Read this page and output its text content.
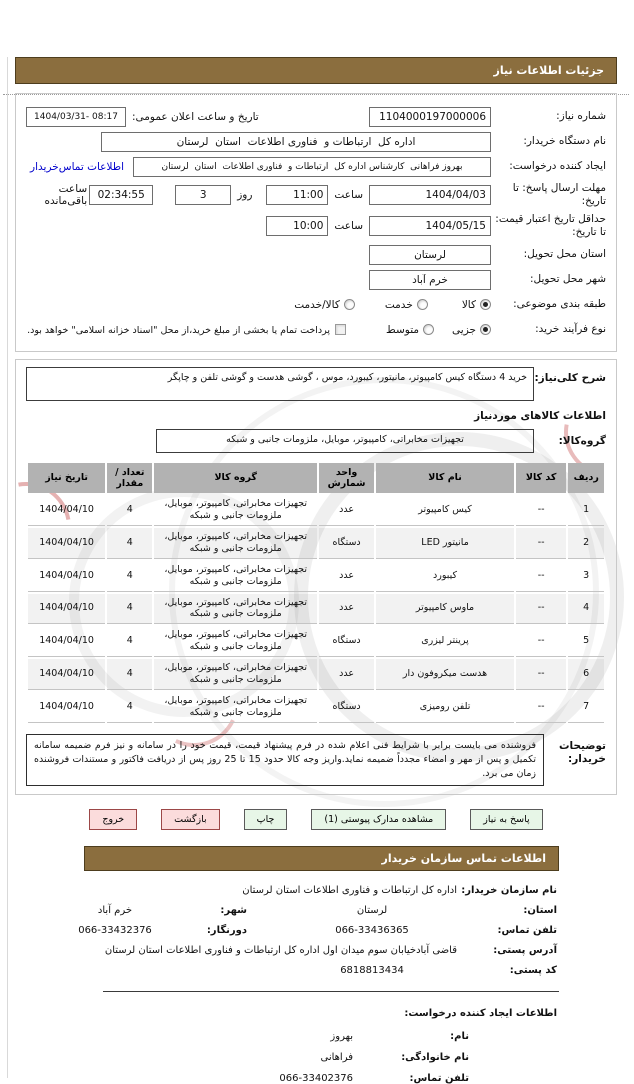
جزئیات اطلاعات نیاز
شماره نیاز:
1104000197000006
تاریخ و ساعت اعلان عمومی:
1404/03/31- 08:17
نام دستگاه خریدار:
اداره کل ارتباطات و فناوری اطلاعات استان لرستان
ایجاد کننده درخواست:
بهروز فراهانی کارشناس اداره کل ارتباطات و فناوری اطلاعات استان لرستان
اطلاعات تماس‌خریدار
مهلت ارسال پاسخ: تا تاریخ:
1404/04/03
ساعت
11:00
روز
3
02:34:55
ساعت باقی‌مانده
حداقل تاریخ اعتبار قیمت: تا تاریخ:
1404/05/15
ساعت
10:00
استان محل تحویل:
لرستان
شهر محل تحویل:
خرم آباد
طبقه بندی موضوعی:
کالا
خدمت
کالا/خدمت
نوع فرآیند خرید:
جزیی
متوسط
پرداخت تمام یا بخشی از مبلغ خرید،از محل "اسناد خزانه اسلامی" خواهد بود.
شرح کلی‌نیاز:
خرید 4 دستگاه کیس کامپیوتر، مانیتور، کیبورد، موس ، گوشی هدست و گوشی تلفن و چاپگر
اطلاعات کالاهای موردنیاز
گروه‌کالا:
تجهیزات مخابراتی، کامپیوتر، موبایل، ملزومات جانبی و شبکه
ردیف	کد کالا	نام کالا	واحد شمارش	گروه کالا	تعداد / مقدار	تاریخ نیاز
1	--	کیس کامپیوتر	عدد	تجهیزات مخابراتی، کامپیوتر، موبایل، ملزومات جانبی و شبکه	4	1404/04/10
2	--	مانیتور LED	دستگاه	تجهیزات مخابراتی، کامپیوتر، موبایل، ملزومات جانبی و شبکه	4	1404/04/10
3	--	کیبورد	عدد	تجهیزات مخابراتی، کامپیوتر، موبایل، ملزومات جانبی و شبکه	4	1404/04/10
4	--	ماوس کامپیوتر	عدد	تجهیزات مخابراتی، کامپیوتر، موبایل، ملزومات جانبی و شبکه	4	1404/04/10
5	--	پرینتر لیزری	دستگاه	تجهیزات مخابراتی، کامپیوتر، موبایل، ملزومات جانبی و شبکه	4	1404/04/10
6	--	هدست میکروفون دار	عدد	تجهیزات مخابراتی، کامپیوتر، موبایل، ملزومات جانبی و شبکه	4	1404/04/10
7	--	تلفن رومیزی	دستگاه	تجهیزات مخابراتی، کامپیوتر، موبایل، ملزومات جانبی و شبکه	4	1404/04/10
توضیحات خریدار:
فروشنده می بایست برابر با شرایط فنی اعلام شده در فرم پیشنهاد قیمت، قیمت خود را در سامانه و نیز فرم ضمیمه سامانه تکمیل و پس از مهر و امضاء مجدداً ضمیمه نماید.واریز وجه کالا حدود 15 تا 25 روز پس از دریافت فاکتور و مستندات فروشنده زمان می برد.
پاسخ به نیاز
مشاهده مدارک پیوستی (1)
چاپ
بازگشت
خروج
اطلاعات تماس سازمان خریدار
نام سازمان خریدار:
اداره کل ارتباطات و فناوری اطلاعات استان لرستان
استان:
لرستان
شهر:
خرم آباد
تلفن تماس:
066-33436365
دورنگار:
066-33432376
آدرس پستی:
قاضی آبادخیابان سوم میدان اول اداره کل ارتباطات و فناوری اطلاعات استان لرستان
کد پستی:
6818813434
اطلاعات ایجاد کننده درخواست:
نام:
بهروز
نام خانوادگی:
فراهانی
تلفن تماس:
066-33402376
